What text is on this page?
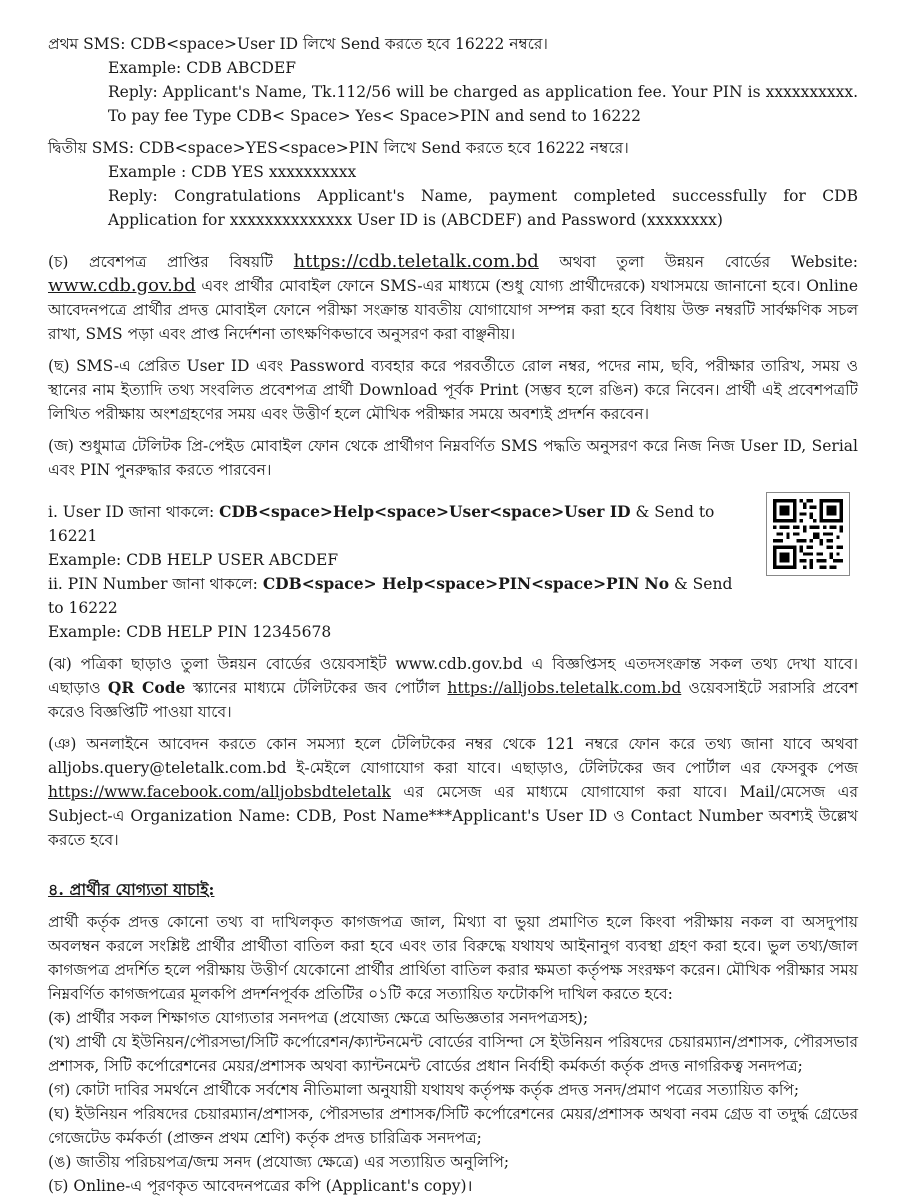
প্রথম SMS: CDB<space>User ID লিখে Send করতে হবে 16222 নম্বরে।

Example: CDB ABCDEF

Reply: Applicant's Name, Tk.112/56 will be charged as application fee. Your PIN is xxxxxxxxxx. To pay fee Type CDB< Space> Yes< Space>PIN and send to 16222

দ্বিতীয় SMS: CDB<space>YES<space>PIN লিখে Send করতে হবে 16222 নম্বরে।

Example : CDB YES xxxxxxxxxx

Reply: Congratulations Applicant's Name, payment completed successfully for CDB Application for xxxxxxxxxxxxxx User ID is (ABCDEF) and Password (xxxxxxxx)

(চ) প্রবেশপত্র প্রাপ্তির বিষয়টি https://cdb.teletalk.com.bd অথবা তুলা উন্নয়ন বোর্ডের Website: www.cdb.gov.bd এবং প্রার্থীর মোবাইল ফোনে SMS-এর মাধ্যমে (শুধু যোগ্য প্রার্থীদেরকে) যথাসময়ে জানানো হবে। Online আবেদনপত্রে প্রার্থীর প্রদত্ত মোবাইল ফোনে পরীক্ষা সংক্রান্ত যাবতীয় যোগাযোগ সম্পন্ন করা হবে বিধায় উক্ত নম্বরটি সার্বক্ষণিক সচল রাখা, SMS পড়া এবং প্রাপ্ত নির্দেশনা তাৎক্ষণিকভাবে অনুসরণ করা বাঞ্ছনীয়।

(ছ) SMS-এ প্রেরিত User ID এবং Password ব্যবহার করে পরবর্তীতে রোল নম্বর, পদের নাম, ছবি, পরীক্ষার তারিখ, সময় ও স্থানের নাম ইত্যাদি তথ্য সংবলিত প্রবেশপত্র প্রার্থী Download পূর্বক Print (সম্ভব হলে রঙিন) করে নিবেন। প্রার্থী এই প্রবেশপত্রটি লিখিত পরীক্ষায় অংশগ্রহণের সময় এবং উত্তীর্ণ হলে মৌখিক পরীক্ষার সময়ে অবশ্যই প্রদর্শন করবেন।

(জ) শুধুমাত্র টেলিটক প্রি-পেইড মোবাইল ফোন থেকে প্রার্থীগণ নিম্নবর্ণিত SMS পদ্ধতি অনুসরণ করে নিজ নিজ User ID, Serial এবং PIN পুনরুদ্ধার করতে পারবেন।

i. User ID জানা থাকলে: CDB<space>Help<space>User<space>User ID & Send to 16221

Example: CDB HELP USER ABCDEF

ii. PIN Number জানা থাকলে: CDB<space> Help<space>PIN<space>PIN No & Send to 16222

Example: CDB HELP PIN 12345678

(ঝ) পত্রিকা ছাড়াও তুলা উন্নয়ন বোর্ডের ওয়েবসাইট www.cdb.gov.bd এ বিজ্ঞপ্তিসহ এতদসংক্রান্ত সকল তথ্য দেখা যাবে। এছাড়াও QR Code স্ক্যানের মাধ্যমে টেলিটকের জব পোর্টাল https://alljobs.teletalk.com.bd ওয়েবসাইটে সরাসরি প্রবেশ করেও বিজ্ঞপ্তিটি পাওয়া যাবে।

(ঞ) অনলাইনে আবেদন করতে কোন সমস্যা হলে টেলিটকের নম্বর থেকে 121 নম্বরে ফোন করে তথ্য জানা যাবে অথবা alljobs.query@teletalk.com.bd ই-মেইলে যোগাযোগ করা যাবে। এছাড়াও, টেলিটকের জব পোর্টাল এর ফেসবুক পেজ https://www.facebook.com/alljobsbdteletalk এর মেসেজ এর মাধ্যমে যোগাযোগ করা যাবে। Mail/মেসেজ এর Subject-এ Organization Name: CDB, Post Name***Applicant's User ID ও Contact Number অবশ্যই উল্লেখ করতে হবে।

৪. প্রার্থীর যোগ্যতা যাচাই:

প্রার্থী কর্তৃক প্রদত্ত কোনো তথ্য বা দাখিলকৃত কাগজপত্র জাল, মিথ্যা বা ভুয়া প্রমাণিত হলে কিংবা পরীক্ষায় নকল বা অসদুপায় অবলম্বন করলে সংশ্লিষ্ট প্রার্থীর প্রার্থীতা বাতিল করা হবে এবং তার বিরুদ্ধে যথাযথ আইনানুগ ব্যবস্থা গ্রহণ করা হবে। ভুল তথ্য/জাল কাগজপত্র প্রদর্শিত হলে পরীক্ষায় উত্তীর্ণ যেকোনো প্রার্থীর প্রার্থিতা বাতিল করার ক্ষমতা কর্তৃপক্ষ সংরক্ষণ করেন। মৌখিক পরীক্ষার সময় নিম্নবর্ণিত কাগজপত্রের মূলকপি প্রদর্শনপূর্বক প্রতিটির ০১টি করে সত্যায়িত ফটোকপি দাখিল করতে হবে:

(ক) প্রার্থীর সকল শিক্ষাগত যোগ্যতার সনদপত্র (প্রযোজ্য ক্ষেত্রে অভিজ্ঞতার সনদপত্রসহ);

(খ) প্রার্থী যে ইউনিয়ন/পৌরসভা/সিটি কর্পোরেশন/ক্যান্টনমেন্ট বোর্ডের বাসিন্দা সে ইউনিয়ন পরিষদের চেয়ারম্যান/প্রশাসক, পৌরসভার প্রশাসক, সিটি কর্পোরেশনের মেয়র/প্রশাসক অথবা ক্যান্টনমেন্ট বোর্ডের প্রধান নির্বাহী কর্মকর্তা কর্তৃক প্রদত্ত নাগরিকত্ব সনদপত্র;

(গ) কোটা দাবির সমর্থনে প্রার্থীকে সর্বশেষ নীতিমালা অনুযায়ী যথাযথ কর্তৃপক্ষ কর্তৃক প্রদত্ত সনদ/প্রমাণ পত্রের সত্যায়িত কপি;

(ঘ) ইউনিয়ন পরিষদের চেয়ারম্যান/প্রশাসক, পৌরসভার প্রশাসক/সিটি কর্পোরেশনের মেয়র/প্রশাসক অথবা নবম গ্রেড বা তদুর্দ্ধ গ্রেডের গেজেটেড কর্মকর্তা (প্রাক্তন প্রথম শ্রেণি) কর্তৃক প্রদত্ত চারিত্রিক সনদপত্র;

(ঙ) জাতীয় পরিচয়পত্র/জন্ম সনদ (প্রযোজ্য ক্ষেত্রে) এর সত্যায়িত অনুলিপি;

(চ) Online-এ পূরণকৃত আবেদনপত্রের কপি (Applicant's copy)।
